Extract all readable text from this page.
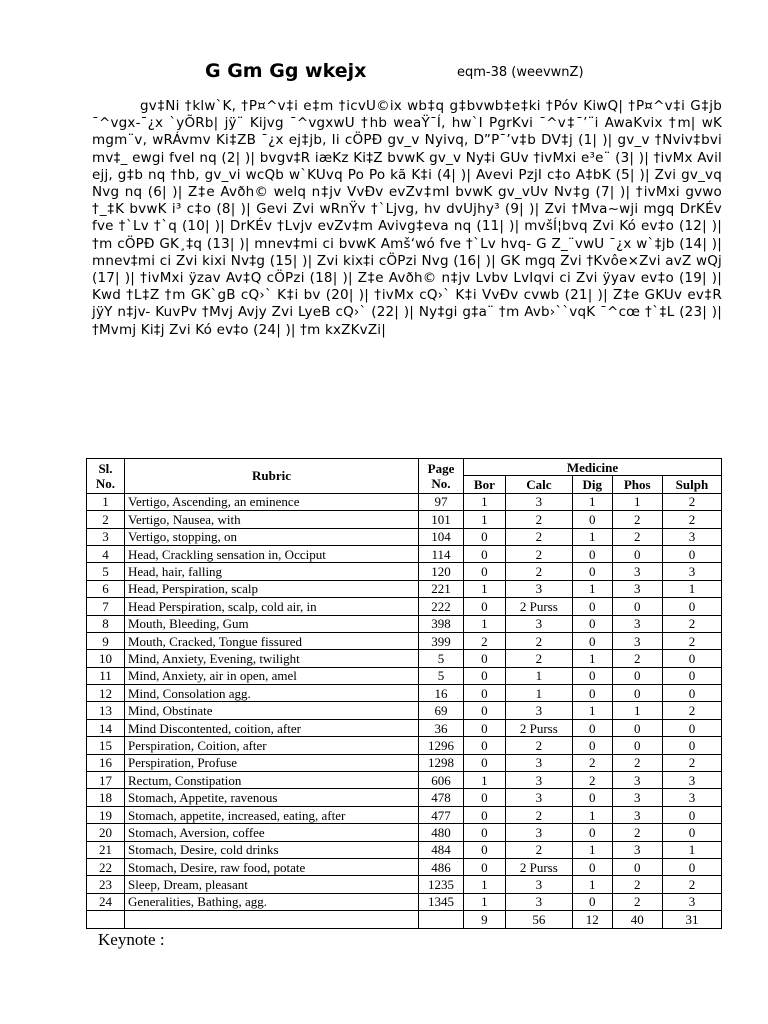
G Gm Gg wkejx	eqm-38 (weevwnZ)
gv‡Ni †klw`K, †P¤^v‡i e‡m †icvU©ix wb‡q g‡bvwb‡e‡ki †Póv KiwQ| †P¤^v‡i G‡jb ¯^vgx-¯¿x `yÕRb| jÿ¨ Kijvg ¯^vgxwU †hb weaŸ¯Í, hw`I PgrKvi ¯^v‡¯’¨i AwaKvix †m| wK mgm¨v, wRÁvmv Ki‡ZB ¯¿x ej‡jb, Ii cÖPÐ gv_v Nyivq, D”P¯’v‡b DV‡j (1| )| gv_v †Nviv‡bvi mv‡_ ewgi fvel nq (2| )| bvgv‡R iæKz Ki‡Z bvwK gv_v Ny‡i GUv †ivMxi e³e¨ (3| )| †ivMx Avil ejj, g‡b nq †hb, gv_vi wcQb w`KUvq Po Po kã K‡i (4| )| Avevi PzjI c‡o A‡bK (5| )| Zvi gv_vq Nvg nq (6| )| Z‡e Avðh© welq n‡jv VvÐv evZv‡mI bvwK gv_vUv Nv‡g (7| )| †ivMxi gvwo †_‡K bvwK i³ c‡o (8| )| Gevi Zvi wRnŸv †`Ljvg, hv dvUjhy³ (9| )| Zvi †Mva~wji mgq DrKÉv fve †`Lv †`q (10| )| DrKÉv †Lvjv evZv‡m Avivg‡eva nq (11| )| mvšÍ¦bvq Zvi Kó ev‡o (12| )| †m cÖPÐ GK¸‡q (13| )| mnev‡mi ci bvwK Amš‘wó fve †`Lv hvq- G Z_¨vwU ¯¿x w`‡jb (14| )| mnev‡mi ci Zvi kixi Nv‡g (15| )| Zvi kix‡i cÖPzi Nvg (16| )| GK mgq Zvi †Kvôe×Zvi avZ wQj (17| )| †ivMxi ÿzav Av‡Q cÖPzi (18| )| Z‡e Avðh© n‡jv Lvbv LvIqvi ci Zvi ÿyav ev‡o (19| )| Kwd †L‡Z †m GK`gB cQ›` K‡i bv (20| )| †ivMx cQ›` K‡i VvÐv cvwb (21| )| Z‡e GKUv ev‡R jÿY n‡jv- KuvPv †Mvj Avjy Zvi LyeB cQ›` (22| )| Ny‡gi g‡a¨ †m Avb›``vqK ¯^cœ †`‡L (23| )| †Mvmj Ki‡j Zvi Kó ev‡o (24| )| †m kxZKvZi|
Sl. No.	Rubric	Page No.	Medicine				
			Bor	Calc	Dig	Phos	Sulph
1	Vertigo, Ascending, an eminence	97	1	3	1	1	2
2	Vertigo, Nausea, with	101	1	2	0	2	2
3	Vertigo, stopping, on	104	0	2	1	2	3
4	Head, Crackling sensation in, Occiput	114	0	2	0	0	0
5	Head, hair, falling	120	0	2	0	3	3
6	Head, Perspiration, scalp	221	1	3	1	3	1
7	Head Perspiration, scalp, cold air, in	222	0	2 Purss	0	0	0
8	Mouth, Bleeding, Gum	398	1	3	0	3	2
9	Mouth, Cracked, Tongue fissured	399	2	2	0	3	2
10	Mind, Anxiety, Evening, twilight	5	0	2	1	2	0
11	Mind, Anxiety, air in open, amel	5	0	1	0	0	0
12	Mind, Consolation agg.	16	0	1	0	0	0
13	Mind, Obstinate	69	0	3	1	1	2
14	Mind Discontented, coition, after	36	0	2 Purss	0	0	0
15	Perspiration, Coition, after	1296	0	2	0	0	0
16	Perspiration, Profuse	1298	0	3	2	2	2
17	Rectum, Constipation	606	1	3	2	3	3
18	Stomach, Appetite, ravenous	478	0	3	0	3	3
19	Stomach, appetite, increased, eating, after	477	0	2	1	3	0
20	Stomach, Aversion, coffee	480	0	3	0	2	0
21	Stomach, Desire, cold drinks	484	0	2	1	3	1
22	Stomach, Desire, raw food, potate	486	0	2 Purss	0	0	0
23	Sleep, Dream, pleasant	1235	1	3	1	2	2
24	Generalities, Bathing, agg.	1345	1	3	0	2	3
			9	56	12	40	31
Keynote :
